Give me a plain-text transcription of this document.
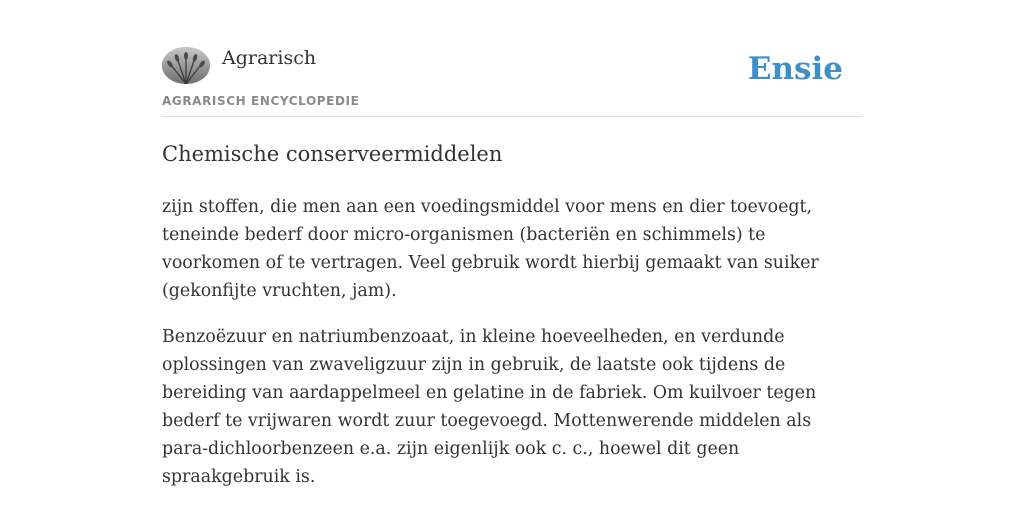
Agrarisch
AGRARISCH ENCYCLOPEDIE
Ensie
Chemische conserveermiddelen

zijn stoffen, die men aan een voedingsmiddel voor mens en dier toevoegt, teneinde bederf door micro-organismen (bacteriën en schimmels) te voorkomen of te vertragen. Veel gebruik wordt hierbij gemaakt van suiker (gekonfijte vruchten, jam).

Benzoëzuur en natriumbenzoaat, in kleine hoeveelheden, en verdunde oplossingen van zwaveligzuur zijn in gebruik, de laatste ook tijdens de bereiding van aardappelmeel en gelatine in de fabriek. Om kuilvoer tegen bederf te vrijwaren wordt zuur toegevoegd. Mottenwerende middelen als para-dichloorbenzeen e.a. zijn eigenlijk ook c. c., hoewel dit geen spraakgebruik is.
